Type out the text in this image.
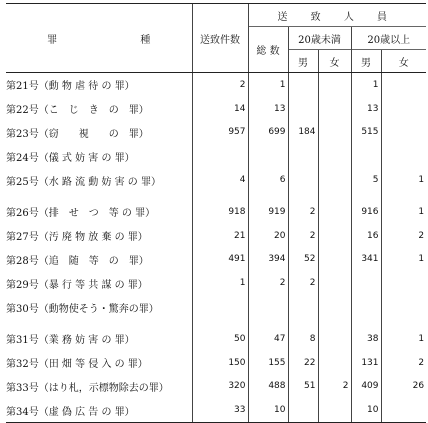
罪 種	送致件数	送 致 人 員				
		総 数	20歳未満		20歳以上	
			男	女	男	女
第21号（動 物 虐 待 の 罪）	2	1			1	
第22号（こ　じ　き　の　罪）	14	13			13	
第23号（窃　　視　　の　罪）	957	699	184		515	
第24号（儀 式 妨 害 の 罪）						
第25号（水 路 流 動 妨 害 の 罪）	4	6			5	1

第26号（排　せ　つ　等 の 罪）	918	919	2		916	1
第27号（汚 廃 物 放 棄 の 罪）	21	20	2		16	2
第28号（追　随　等　の　罪）	491	394	52		341	1
第29号（暴 行 等 共 謀 の 罪）	1	2	2			
第30号（動物使そう・驚奔の罪）						

第31号（業 務 妨 害 の 罪）	50	47	8		38	1
第32号（田 畑 等 侵 入 の 罪）	150	155	22		131	2
第33号（はり札，示標物除去の罪）	320	488	51	2	409	26
第34号（虚 偽 広 告 の 罪）	33	10			10	
